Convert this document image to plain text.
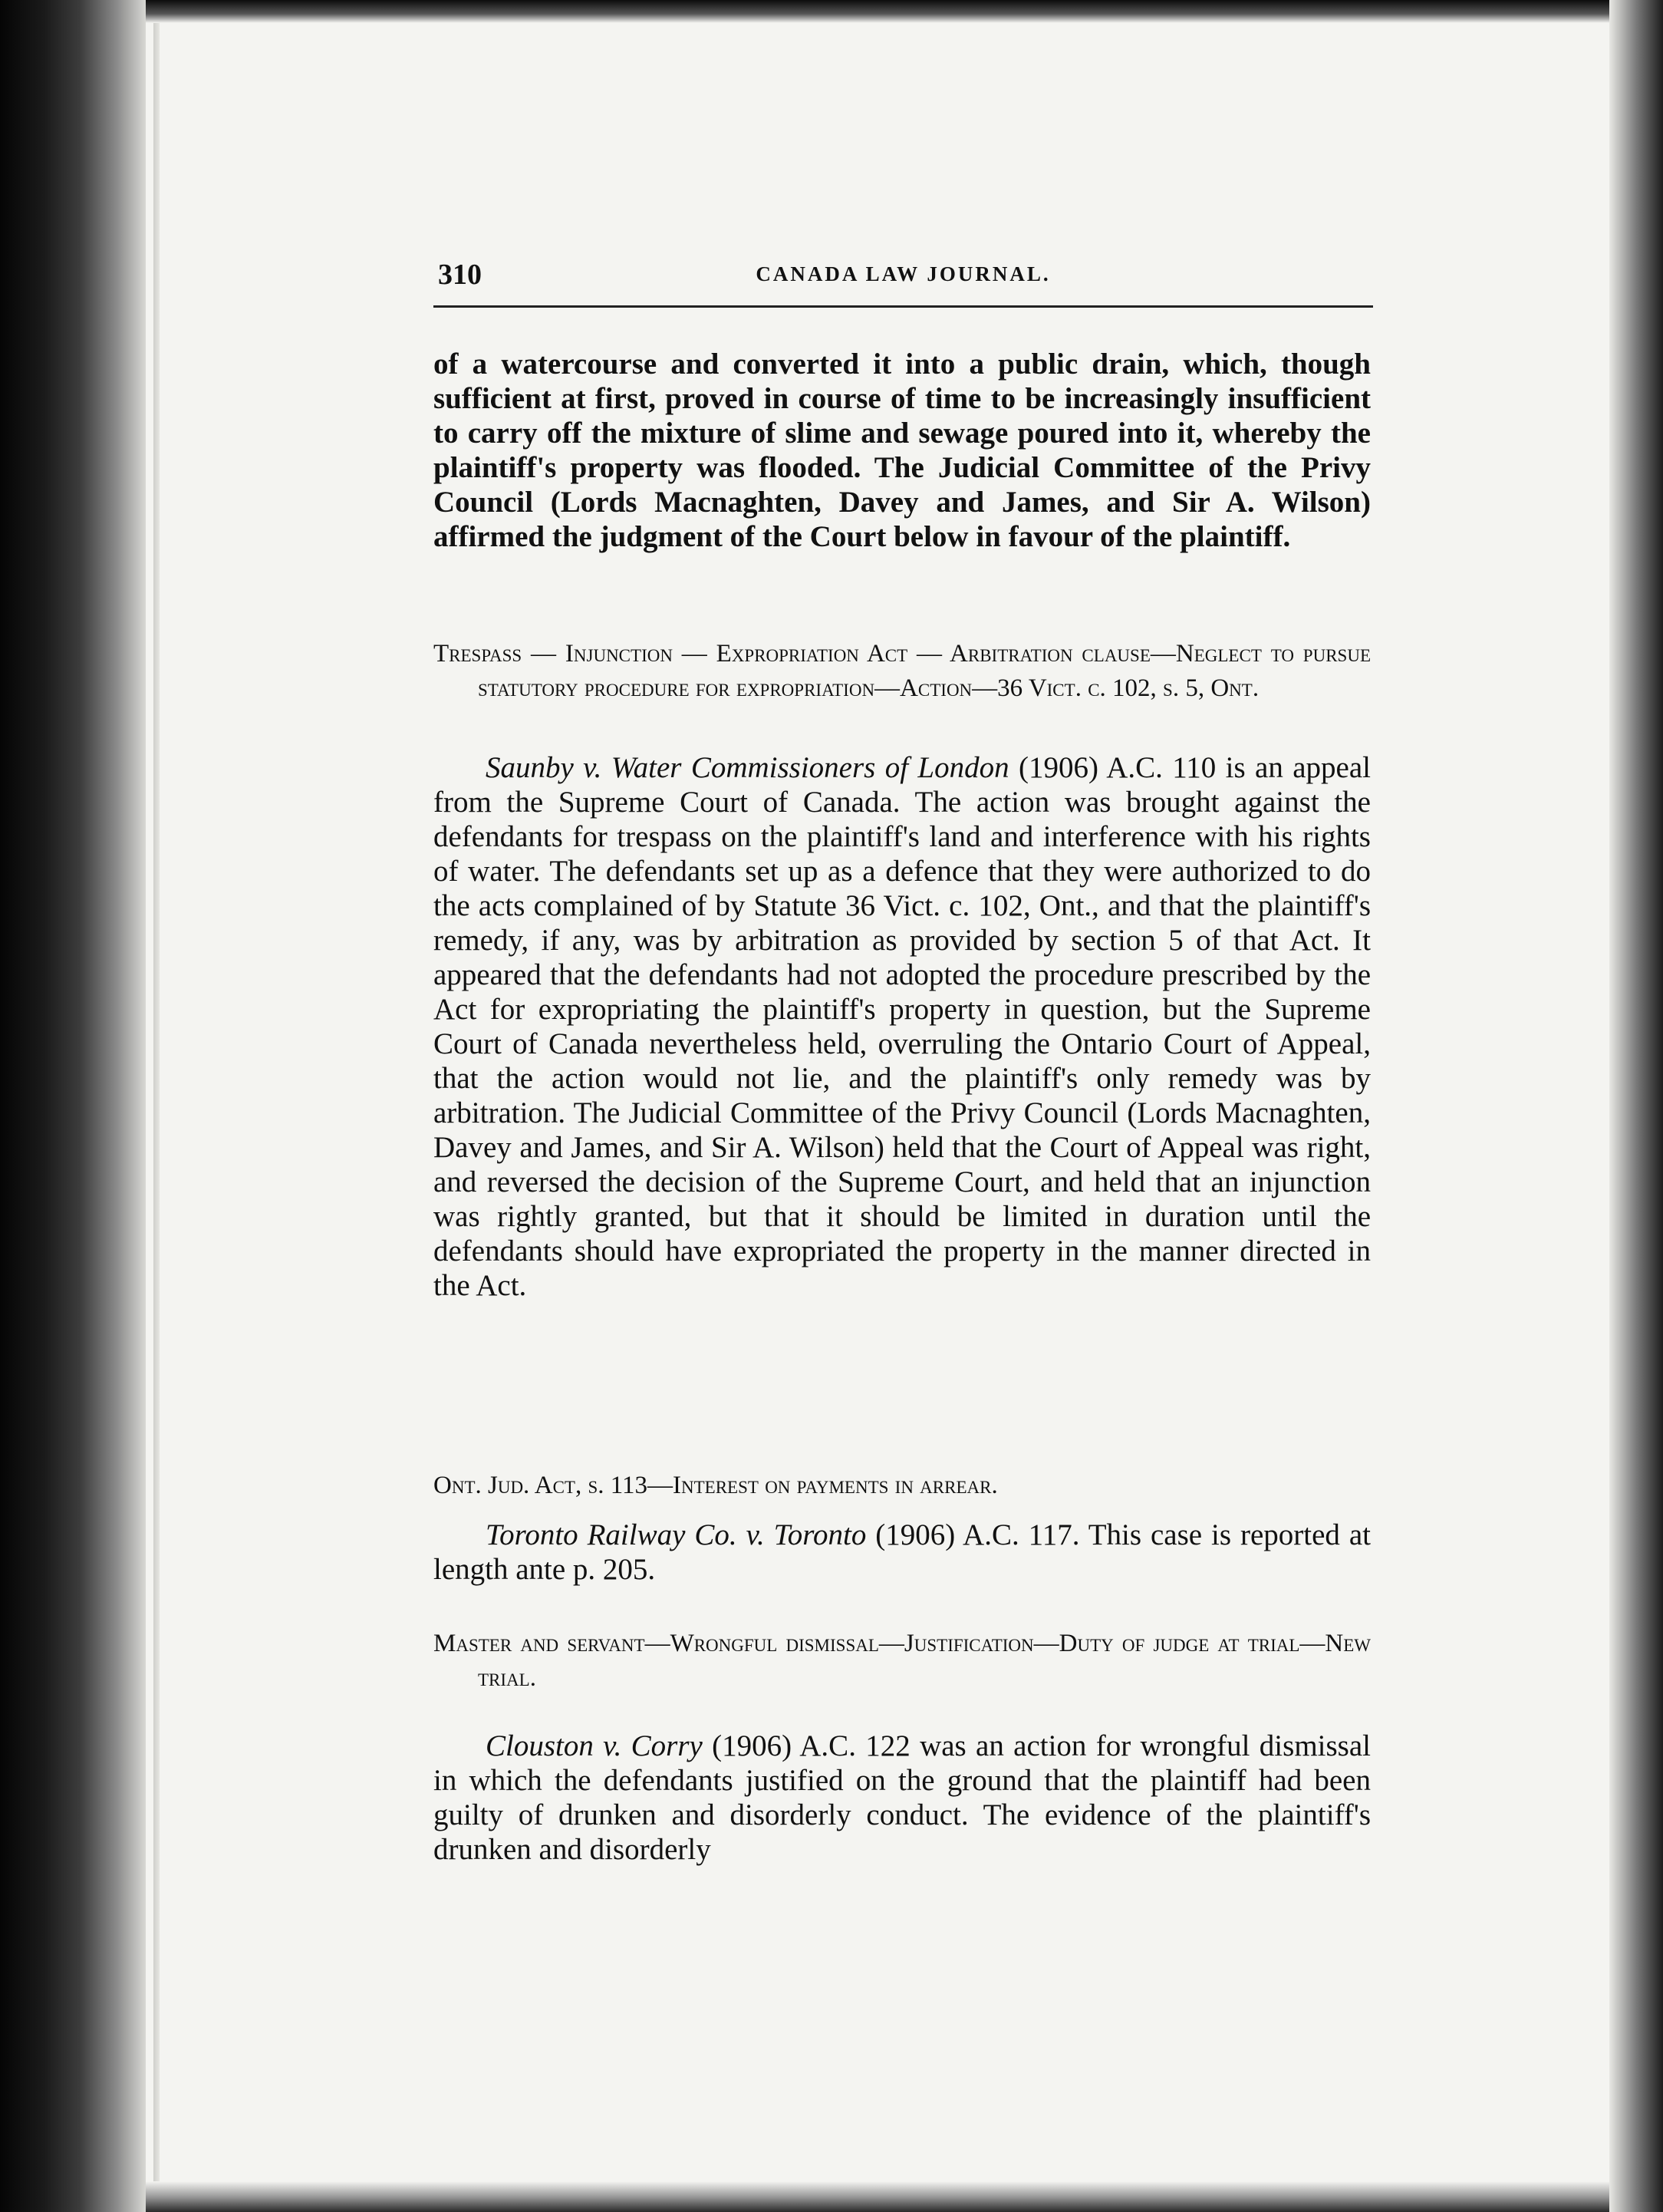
310	CANADA LAW JOURNAL.

of a watercourse and converted it into a public drain, which, though sufficient at first, proved in course of time to be increasingly insufficient to carry off the mixture of slime and sewage poured into it, whereby the plaintiff's property was flooded. The Judicial Committee of the Privy Council (Lords Macnaghten, Davey and James, and Sir A. Wilson) affirmed the judgment of the Court below in favour of the plaintiff.

Trespass — Injunction — Expropriation Act — Arbitration clause—Neglect to pursue statutory procedure for expropriation—Action—36 Vict. c. 102, s. 5, Ont.

Saunby v. Water Commissioners of London (1906) A.C. 110 is an appeal from the Supreme Court of Canada. The action was brought against the defendants for trespass on the plaintiff's land and interference with his rights of water. The defendants set up as a defence that they were authorized to do the acts complained of by Statute 36 Vict. c. 102, Ont., and that the plaintiff's remedy, if any, was by arbitration as provided by section 5 of that Act. It appeared that the defendants had not adopted the procedure prescribed by the Act for expropriating the plaintiff's property in question, but the Supreme Court of Canada nevertheless held, overruling the Ontario Court of Appeal, that the action would not lie, and the plaintiff's only remedy was by arbitration. The Judicial Committee of the Privy Council (Lords Macnaghten, Davey and James, and Sir A. Wilson) held that the Court of Appeal was right, and reversed the decision of the Supreme Court, and held that an injunction was rightly granted, but that it should be limited in duration until the defendants should have expropriated the property in the manner directed in the Act.

Ont. Jud. Act, s. 113—Interest on payments in arrear.

Toronto Railway Co. v. Toronto (1906) A.C. 117. This case is reported at length ante p. 205.

Master and servant—Wrongful dismissal—Justification—Duty of judge at trial—New trial.

Clouston v. Corry (1906) A.C. 122 was an action for wrongful dismissal in which the defendants justified on the ground that the plaintiff had been guilty of drunken and disorderly conduct. The evidence of the plaintiff's drunken and disorderly
